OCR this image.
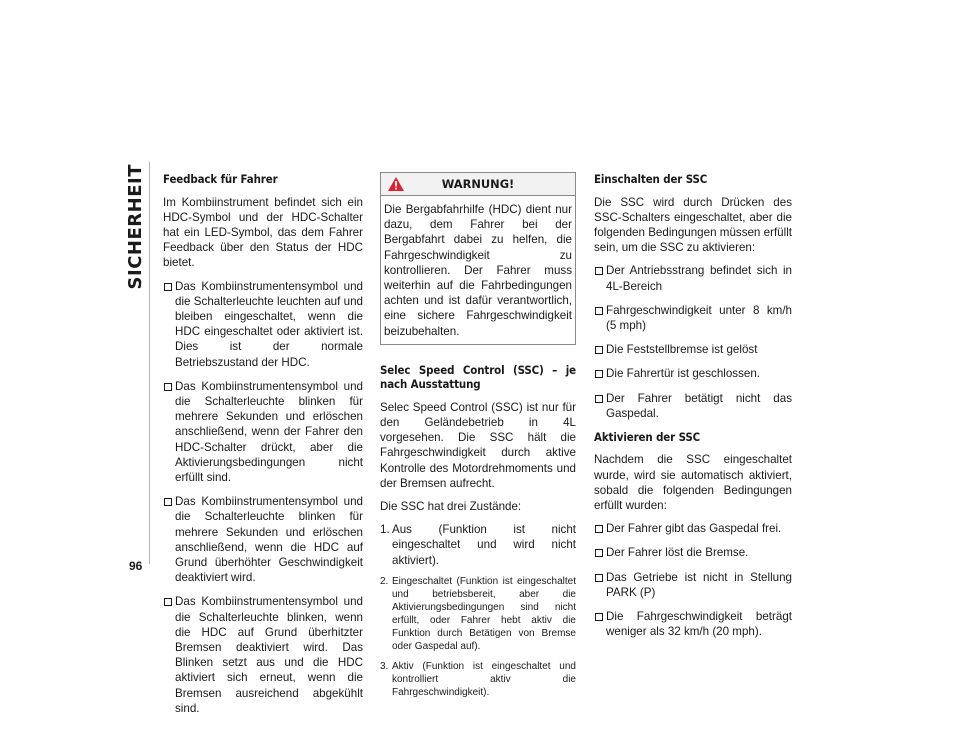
SICHERHEIT
96
Feedback für Fahrer

Im Kombiinstrument befindet sich ein HDC-Symbol und der HDC-Schalter hat ein LED-Symbol, das dem Fahrer Feedback über den Status der HDC bietet.

Das Kombiinstrumentensymbol und die Schalterleuchte leuchten auf und bleiben eingeschaltet, wenn die HDC eingeschaltet oder aktiviert ist. Dies ist der normale Betriebszustand der HDC.
Das Kombiinstrumentensymbol und die Schalterleuchte blinken für mehrere Sekunden und erlöschen anschließend, wenn der Fahrer den HDC-Schalter drückt, aber die Aktivierungsbedingungen nicht erfüllt sind.
Das Kombiinstrumentensymbol und die Schalterleuchte blinken für mehrere Sekunden und erlöschen anschließend, wenn die HDC auf Grund überhöhter Geschwindigkeit deaktiviert wird.
Das Kombiinstrumentensymbol und die Schalterleuchte blinken, wenn die HDC auf Grund überhitzter Bremsen deaktiviert wird. Das Blinken setzt aus und die HDC aktiviert sich erneut, wenn die Bremsen ausreichend abgekühlt sind.
WARNUNG!
Die Bergabfahrhilfe (HDC) dient nur dazu, dem Fahrer bei der Bergabfahrt dabei zu helfen, die Fahrgeschwindigkeit zu kontrollieren. Der Fahrer muss weiterhin auf die Fahrbedingungen achten und ist dafür verantwortlich, eine sichere Fahrgeschwindigkeit beizubehalten.
Selec Speed Control (SSC) – je nach Ausstattung

Selec Speed Control (SSC) ist nur für den Geländebetrieb in 4L vorgesehen. Die SSC hält die Fahrgeschwindigkeit durch aktive Kontrolle des Motordrehmoments und der Bremsen aufrecht.

Die SSC hat drei Zustände:

1. Aus (Funktion ist nicht eingeschaltet und wird nicht aktiviert).
2. Eingeschaltet (Funktion ist eingeschaltet und betriebsbereit, aber die Aktivierungsbedingungen sind nicht erfüllt, oder Fahrer hebt aktiv die Funktion durch Betätigen von Bremse oder Gaspedal auf).
3. Aktiv (Funktion ist eingeschaltet und kontrolliert aktiv die Fahrgeschwindigkeit).
Einschalten der SSC

Die SSC wird durch Drücken des SSC-Schalters eingeschaltet, aber die folgenden Bedingungen müssen erfüllt sein, um die SSC zu aktivieren:

Der Antriebsstrang befindet sich in 4L-Bereich
Fahrgeschwindigkeit unter 8 km/h (5 mph)
Die Feststellbremse ist gelöst
Die Fahrertür ist geschlossen.
Der Fahrer betätigt nicht das Gaspedal.
Aktivieren der SSC

Nachdem die SSC eingeschaltet wurde, wird sie automatisch aktiviert, sobald die folgenden Bedingungen erfüllt wurden:

Der Fahrer gibt das Gaspedal frei.
Der Fahrer löst die Bremse.
Das Getriebe ist nicht in Stellung PARK (P)
Die Fahrgeschwindigkeit beträgt weniger als 32 km/h (20 mph).
